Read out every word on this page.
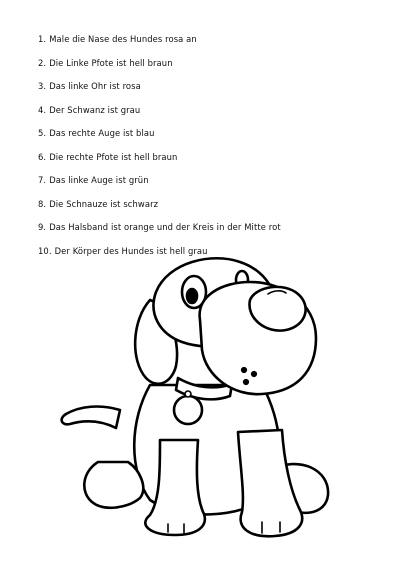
1. Male die Nase des Hundes rosa an
2. Die Linke Pfote ist hell braun
3. Das linke Ohr ist rosa
4. Der Schwanz ist grau
5. Das rechte Auge ist blau
6. Die rechte Pfote ist hell braun
7. Das linke Auge ist grün
8. Die Schnauze ist schwarz
9. Das Halsband ist orange und der Kreis in der Mitte rot
10. Der Körper des Hundes ist hell grau
